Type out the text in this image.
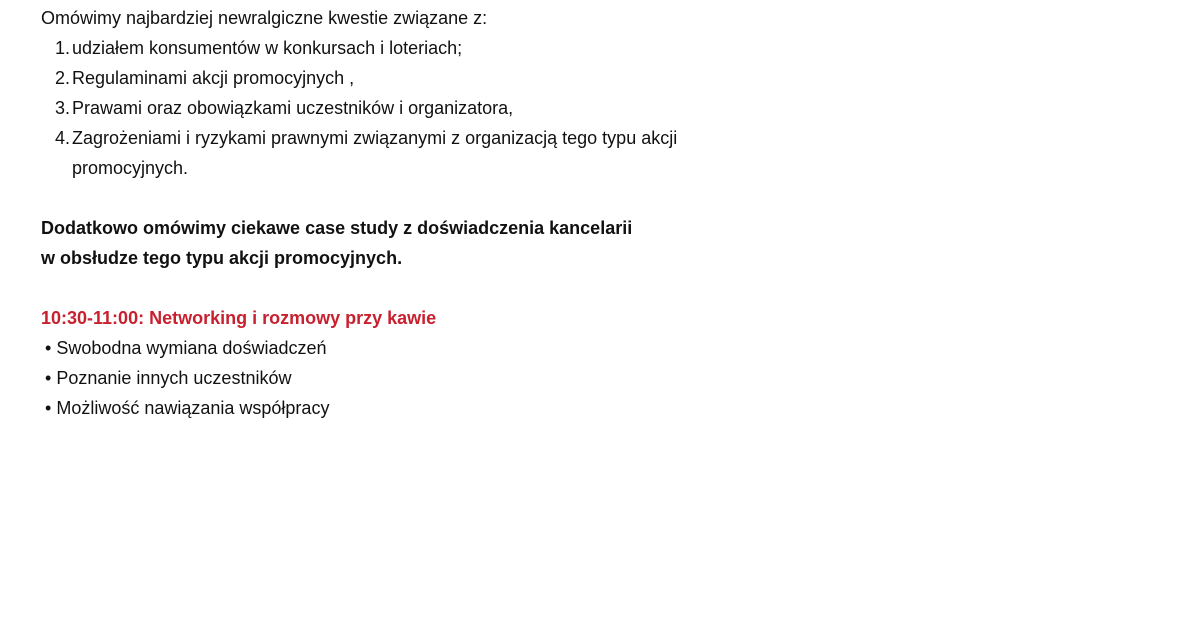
Omówimy najbardziej newralgiczne kwestie związane z:

1. udziałem konsumentów w konkursach i loteriach;
2. Regulaminami akcji promocyjnych ,
3. Prawami oraz obowiązkami uczestników i organizatora,
4. Zagrożeniami i ryzykami prawnymi związanymi z organizacją tego typu akcji promocyjnych.

Dodatkowo omówimy ciekawe case study z doświadczenia kancelarii

w obsłudze tego typu akcji promocyjnych.

10:30-11:00: Networking i rozmowy przy kawie

• Swobodna wymiana doświadczeń
• Poznanie innych uczestników
• Możliwość nawiązania współpracy
